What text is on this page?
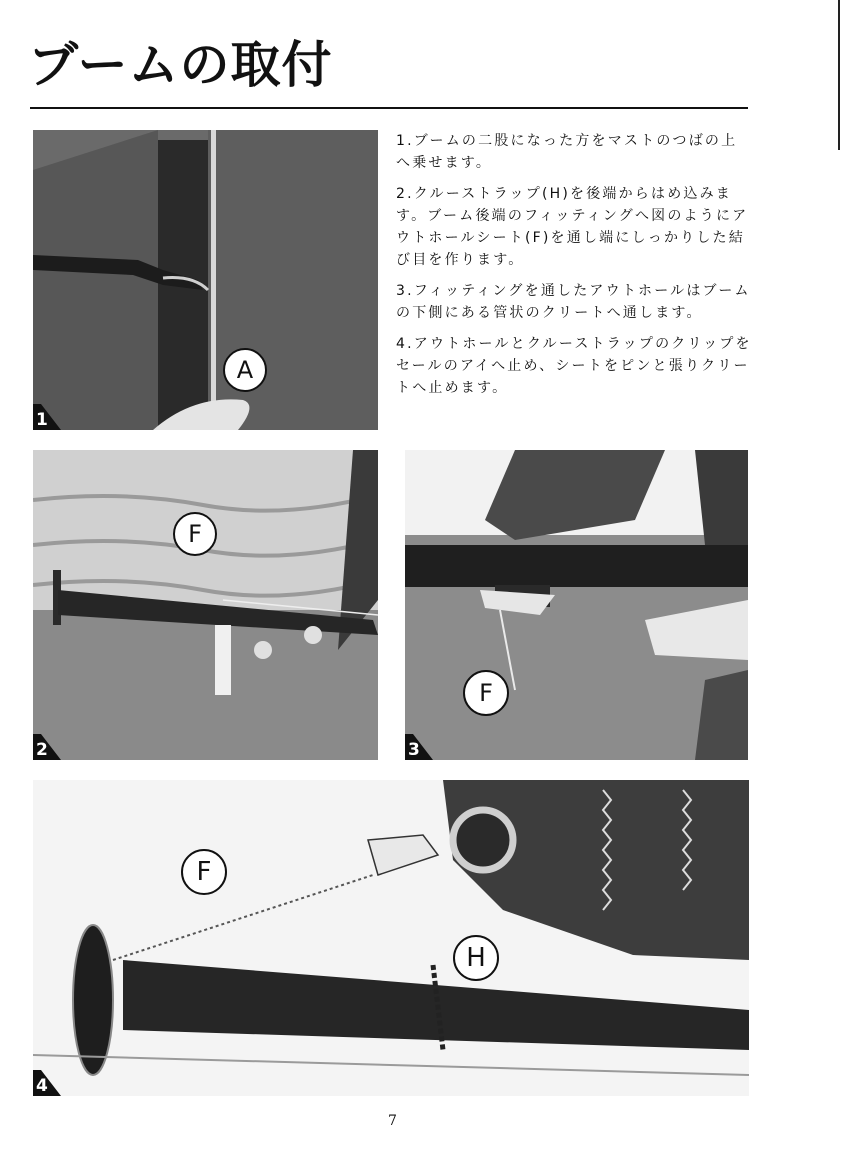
ブームの取付
A
1

1.ブームの二股になった方をマストのつばの上へ乗せます。

2.クルーストラップ(H)を後端からはめ込みます。ブーム後端のフィッティングへ図のようにアウトホールシート(F)を通し端にしっかりした結び目を作ります。

3.フィッティングを通したアウトホールはブームの下側にある管状のクリートへ通します。

4.アウトホールとクルーストラップのクリップをセールのアイへ止め、シートをピンと張りクリートへ止めます。

F
2
F
3
F
H
4
7
